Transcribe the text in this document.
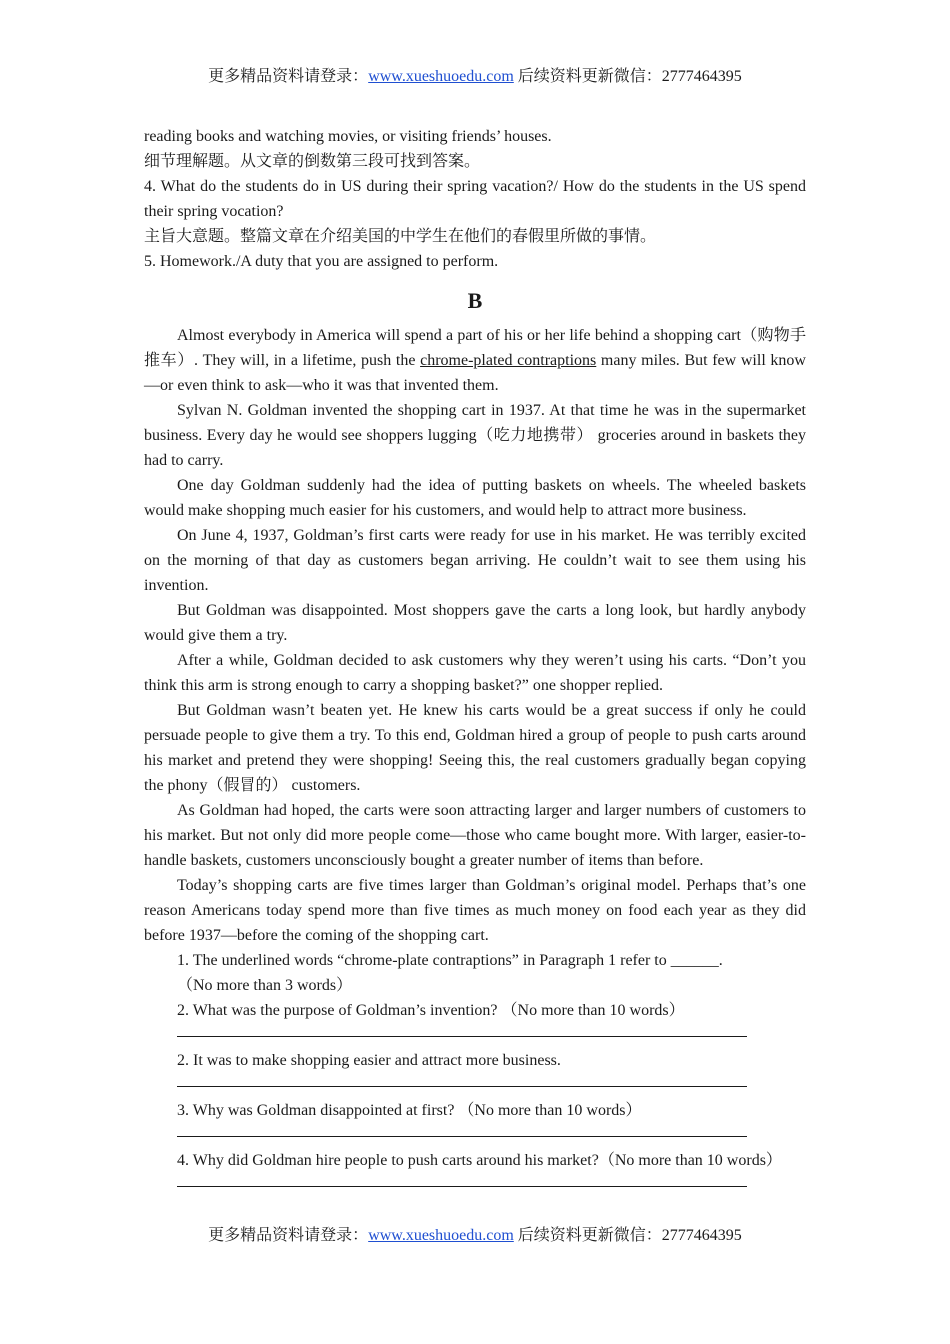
更多精品资料请登录：www.xueshuoedu.com 后续资料更新微信：2777464395

reading books and watching movies, or visiting friends’ houses.

细节理解题。从文章的倒数第三段可找到答案。

4. What do the students do in US during their spring vacation?/ How do the students in the US spend their spring vocation?

主旨大意题。整篇文章在介绍美国的中学生在他们的春假里所做的事情。

5. Homework./A duty that you are assigned to perform.

B

Almost everybody in America will spend a part of his or her life behind a shopping cart（购物手推车）. They will, in a lifetime, push the chrome-plated contraptions many miles. But few will know—or even think to ask—who it was that invented them.

Sylvan N. Goldman invented the shopping cart in 1937. At that time he was in the supermarket business. Every day he would see shoppers lugging（吃力地携带） groceries around in baskets they had to carry.

One day Goldman suddenly had the idea of putting baskets on wheels. The wheeled baskets would make shopping much easier for his customers, and would help to attract more business.

On June 4, 1937, Goldman’s first carts were ready for use in his market. He was terribly excited on the morning of that day as customers began arriving. He couldn’t wait to see them using his invention.

But Goldman was disappointed. Most shoppers gave the carts a long look, but hardly anybody would give them a try.

After a while, Goldman decided to ask customers why they weren’t using his carts. “Don’t you think this arm is strong enough to carry a shopping basket?” one shopper replied.

But Goldman wasn’t beaten yet. He knew his carts would be a great success if only he could persuade people to give them a try. To this end, Goldman hired a group of people to push carts around his market and pretend they were shopping! Seeing this, the real customers gradually began copying the phony（假冒的） customers.

As Goldman had hoped, the carts were soon attracting larger and larger numbers of customers to his market. But not only did more people come—those who came bought more. With larger, easier-to-handle baskets, customers unconsciously bought a greater number of items than before.

Today’s shopping carts are five times larger than Goldman’s original model. Perhaps that’s one reason Americans today spend more than five times as much money on food each year as they did before 1937—before the coming of the shopping cart.

1. The underlined words “chrome-plate contraptions” in Paragraph 1 refer to ______.

（No more than 3 words）

2. What was the purpose of Goldman’s invention? （No more than 10 words）

2. It was to make shopping easier and attract more business.

3. Why was Goldman disappointed at first? （No more than 10 words）

4. Why did Goldman hire people to push carts around his market?（No more than 10 words）

更多精品资料请登录：www.xueshuoedu.com 后续资料更新微信：2777464395
